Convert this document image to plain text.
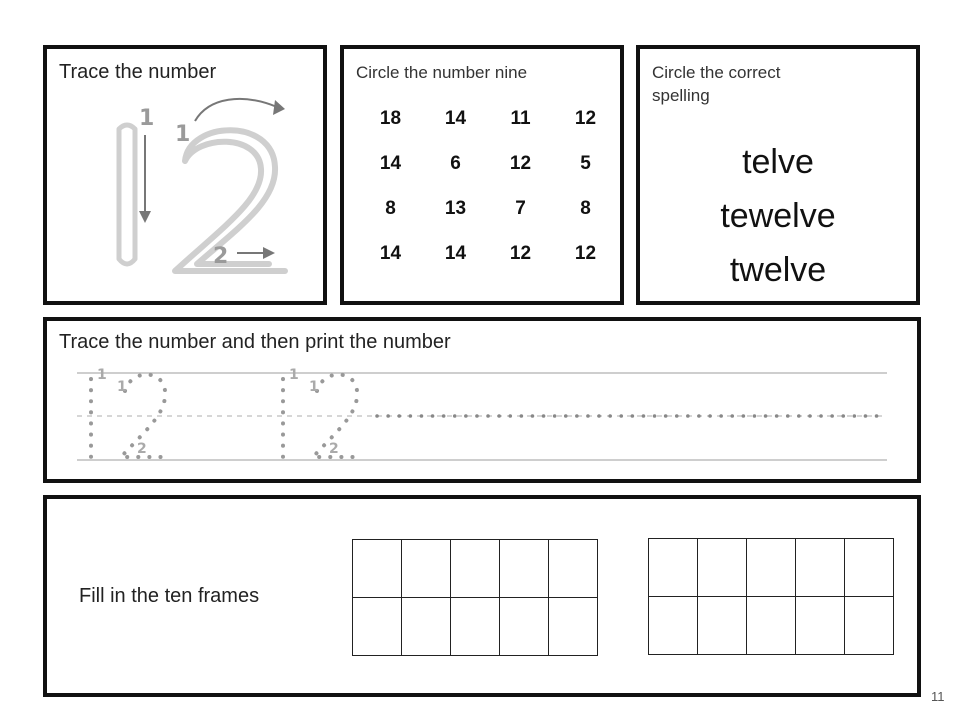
Trace the number
1
1
2
Circle the number nine
18	14	11	12
14	6	12	5
8	13	7	8
14	14	12	12
Circle the correct
spelling
telve
tewelve
twelve
Trace the number and then print the number
1
1
2
1
1
2
Fill in the ten frames

11
